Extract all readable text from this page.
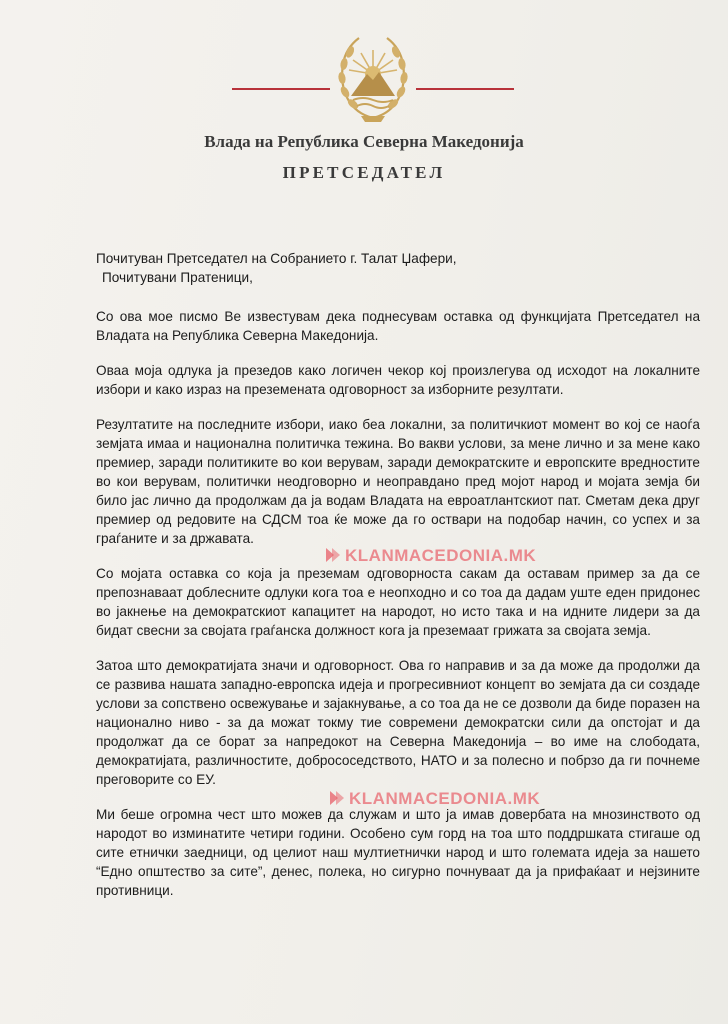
Влада на Република Северна Македонија
ПРЕТСЕДАТЕЛ

Почитуван Претседател на Собранието г. Талат Џафери,
Почитувани Пратеници,

Со ова мое писмо Ве известувам дека поднесувам оставка од функцијата Претседател на Владата на Република Северна Македонија.

Оваа моја одлука ја презедов како логичен чекор кој произлегува од исходот на локалните избори и како израз на преземената одговорност за изборните резултати.

Резултатите на последните избори, иако беа локални, за политичкиот момент во кој се наоѓа земјата имаа и национална политичка тежина. Во вакви услови, за мене лично и за мене како премиер, заради политиките во кои верувам, заради демократските и европските вредностите во кои верувам, политички неодговорно и неоправдано пред мојот народ и мојата земја би било јас лично да продолжам да ја водам Владата на евроатлантскиот пат. Сметам дека друг премиер од редовите на СДСМ тоа ќе може да го оствари на подобар начин, со успех и за граѓаните и за државата.

Со мојата оставка со која ја преземам одговорноста сакам да оставам пример за да се препознаваат доблесните одлуки кога тоа е неопходно и со тоа да дадам уште еден придонес во јакнење на демократскиот капацитет на народот, но исто така и на идните лидери за да бидат свесни за својата граѓанска должност кога ја преземаат грижата за својата земја.

Затоа што демократијата значи и одговорност. Ова го направив и за да може да продолжи да се развива нашата западно-европска идеја и прогресивниот концепт во земјата да си создаде услови за сопствено освежување и зајакнување, а со тоа да не се дозволи да биде поразен на национално ниво - за да можат токму тие современи демократски сили да опстојат и да продолжат да се борат за напредокот на Северна Македонија – во име на слободата, демократијата, различностите, добрососедството, НАТО и за полесно и побрзо да ги почнеме преговорите со ЕУ.

Ми беше огромна чест што можев да служам и што ја имав довербата на мнозинството од народот во изминатите четири години. Особено сум горд на тоа што поддршката стигаше од сите етнички заедници, од целиот наш мултиетнички народ и што големата идеја за нашето “Едно општество за сите”, денес, полека, но сигурно почнуваат да ја прифаќаат и нејзините противници.

KLANMACEDONIA.MK
KLANMACEDONIA.MK
